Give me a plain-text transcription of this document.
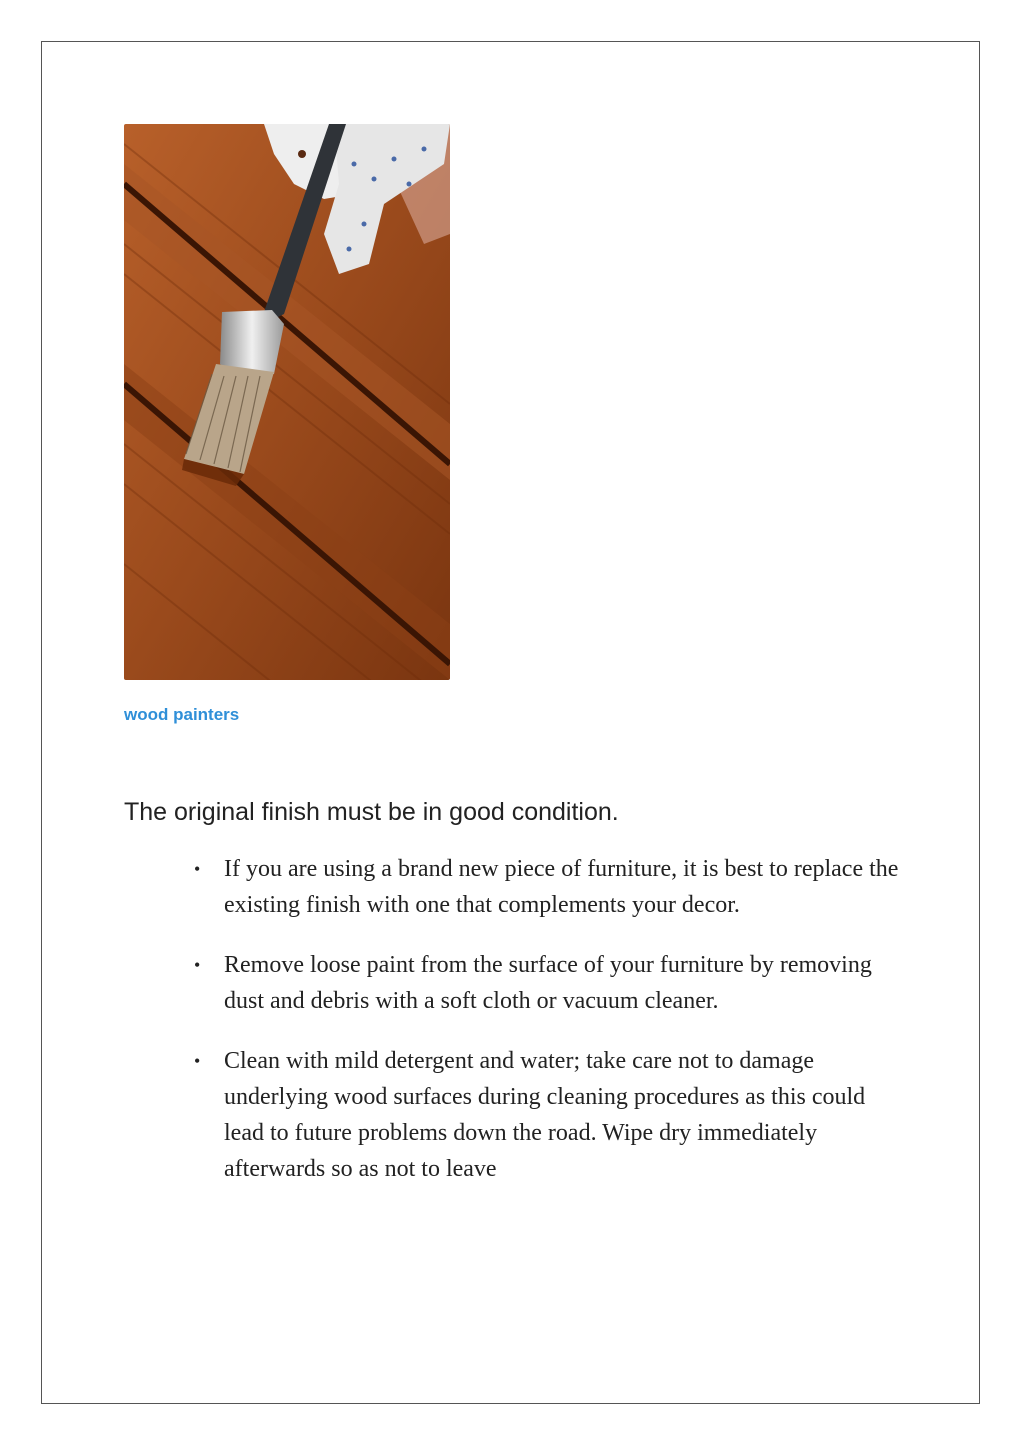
wood painters
The original finish must be in good condition.
• If you are using a brand new piece of furniture, it is best to replace the existing finish with one that complements your decor.
• Remove loose paint from the surface of your furniture by removing dust and debris with a soft cloth or vacuum cleaner.
• Clean with mild detergent and water; take care not to damage underlying wood surfaces during cleaning procedures as this could lead to future problems down the road. Wipe dry immediately afterwards so as not to leave
